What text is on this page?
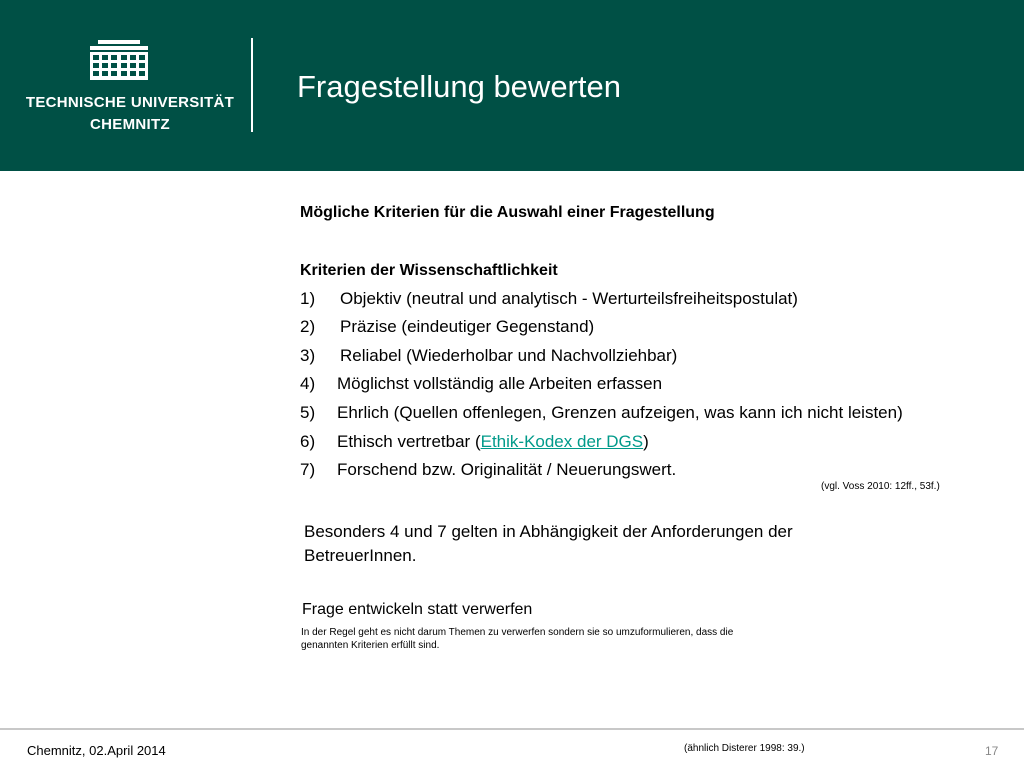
TECHNISCHE UNIVERSITÄT
CHEMNITZ
Fragestellung bewerten
Mögliche Kriterien für die Auswahl einer Fragestellung
Kriterien der Wissenschaftlichkeit
1) Objektiv (neutral und analytisch - Werturteilsfreiheitspostulat)
2) Präzise (eindeutiger Gegenstand)
3) Reliabel (Wiederholbar und Nachvollziehbar)
4) Möglichst vollständig alle Arbeiten erfassen
5) Ehrlich (Quellen offenlegen, Grenzen aufzeigen, was kann ich nicht leisten)
6) Ethisch vertretbar (Ethik-Kodex der DGS)
7) Forschend bzw. Originalität / Neuerungswert.
(vgl. Voss 2010: 12ff., 53f.)
Besonders 4 und 7 gelten in Abhängigkeit der Anforderungen der
BetreuerInnen.
Frage entwickeln statt verwerfen
In der Regel geht es nicht darum Themen zu verwerfen sondern sie so umzuformulieren, dass die
genannten Kriterien erfüllt sind.
Chemnitz, 02.April 2014	(ähnlich Disterer 1998: 39.)	17
